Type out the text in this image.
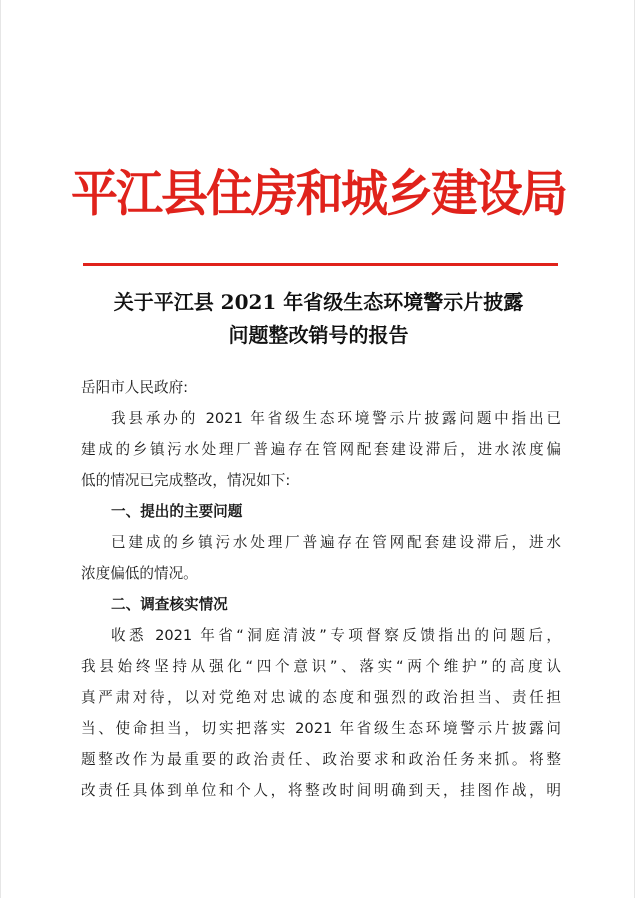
平江县住房和城乡建设局
关于平江县 2021 年省级生态环境警示片披露
问题整改销号的报告
岳阳市人民政府:
我县承办的 2021 年省级生态环境警示片披露问题中指出已
建成的乡镇污水处理厂普遍存在管网配套建设滞后，进水浓度偏
低的情况已完成整改，情况如下:
一、提出的主要问题
已建成的乡镇污水处理厂普遍存在管网配套建设滞后，进水
浓度偏低的情况。
二、调查核实情况
收悉 2021 年省“洞庭清波”专项督察反馈指出的问题后，
我县始终坚持从强化“四个意识”、落实“两个维护”的高度认
真严肃对待，以对党绝对忠诚的态度和强烈的政治担当、责任担
当、使命担当，切实把落实 2021 年省级生态环境警示片披露问
题整改作为最重要的政治责任、政治要求和政治任务来抓。将整
改责任具体到单位和个人，将整改时间明确到天，挂图作战，明
